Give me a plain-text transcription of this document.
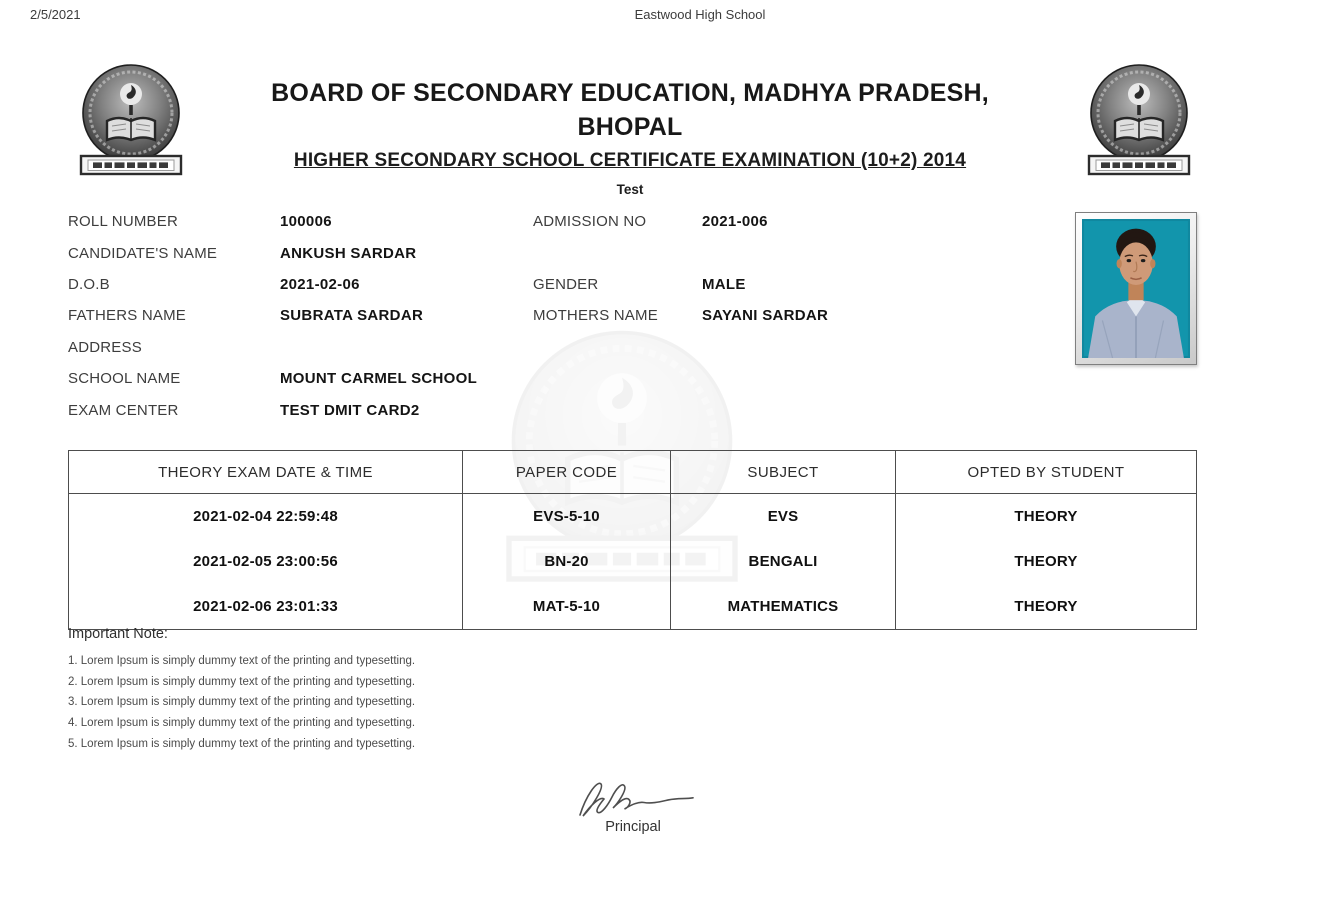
2/5/2021	Eastwood High School
BOARD OF SECONDARY EDUCATION, MADHYA PRADESH,
BHOPAL
HIGHER SECONDARY SCHOOL CERTIFICATE EXAMINATION (10+2) 2014
Test
ROLL NUMBER	100006	ADMISSION NO	2021-006
CANDIDATE'S NAME	ANKUSH SARDAR
D.O.B	2021-02-06	GENDER	MALE
FATHERS NAME	SUBRATA SARDAR	MOTHERS NAME	SAYANI SARDAR
ADDRESS
SCHOOL NAME	MOUNT CARMEL SCHOOL
EXAM CENTER	TEST DMIT CARD2
THEORY EXAM DATE & TIME	PAPER CODE	SUBJECT	OPTED BY STUDENT
2021-02-04 22:59:48	EVS-5-10	EVS	THEORY
2021-02-05 23:00:56	BN-20	BENGALI	THEORY
2021-02-06 23:01:33	MAT-5-10	MATHEMATICS	THEORY
Important Note:
1. Lorem Ipsum is simply dummy text of the printing and typesetting.
2. Lorem Ipsum is simply dummy text of the printing and typesetting.
3. Lorem Ipsum is simply dummy text of the printing and typesetting.
4. Lorem Ipsum is simply dummy text of the printing and typesetting.
5. Lorem Ipsum is simply dummy text of the printing and typesetting.
Principal
